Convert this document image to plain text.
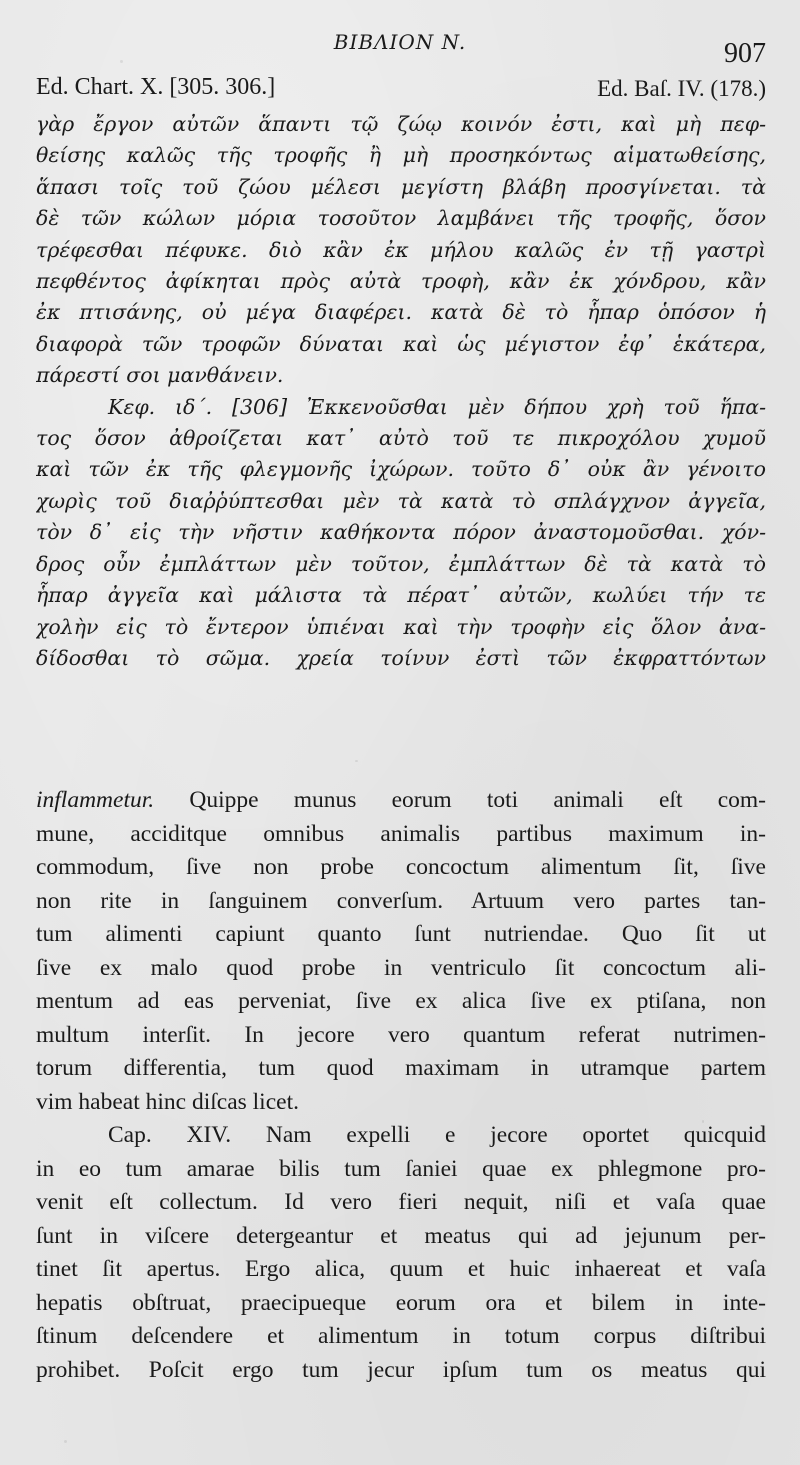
BIBΛIΟΝ N.	907
Ed. Chart. X. [305. 306.]	Ed. Baſ. IV. (178.)
γὰρ ἔργον αὐτῶν ἅπαντι τῷ ζώῳ κοινόν ἐστι, καὶ μὴ πεφ-
θείσης καλῶς τῆς τροφῆς ἢ μὴ προσηκόντως αἱματωθείσης,
ἅπασι τοῖς τοῦ ζώου μέλεσι μεγίστη βλάβη προσγίνεται. τὰ
δὲ τῶν κώλων μόρια τοσοῦτον λαμβάνει τῆς τροφῆς, ὅσον
τρέφεσθαι πέφυκε. διὸ κἂν ἐκ μήλου καλῶς ἐν τῇ γαστρὶ
πεφθέντος ἀφίκηται πρὸς αὐτὰ τροφὴ, κἂν ἐκ χόνδρου, κἂν
ἐκ πτισάνης, οὐ μέγα διαφέρει. κατὰ δὲ τὸ ἧπαρ ὁπόσον ἡ
διαφορὰ τῶν τροφῶν δύναται καὶ ὡς μέγιστον ἐφ᾽ ἑκάτερα,
πάρεστί σοι μανθάνειν.
Κεφ. ιδ΄. [306] Ἐκκενοῦσθαι μὲν δήπου χρὴ τοῦ ἥπα-
τος ὅσον ἀθροίζεται κατ᾽ αὐτὸ τοῦ τε πικροχόλου χυμοῦ
καὶ τῶν ἐκ τῆς φλεγμονῆς ἰχώρων. τοῦτο δ᾽ οὐκ ἂν γένοιτο
χωρὶς τοῦ διαῤῥύπτεσθαι μὲν τὰ κατὰ τὸ σπλάγχνον ἀγγεῖα,
τὸν δ᾽ εἰς τὴν νῆστιν καθήκοντα πόρον ἀναστομοῦσθαι. χόν-
δρος οὖν ἐμπλάττων μὲν τοῦτον, ἐμπλάττων δὲ τὰ κατὰ τὸ
ἧπαρ ἀγγεῖα καὶ μάλιστα τὰ πέρατ᾽ αὐτῶν, κωλύει τήν τε
χολὴν εἰς τὸ ἔντερον ὑπιέναι καὶ τὴν τροφὴν εἰς ὅλον ἀνα-
δίδοσθαι τὸ σῶμα. χρεία τοίνυν ἐστὶ τῶν ἐκφραττόντων
inflammetur. Quippe munus eorum toti animali eſt com-
mune, acciditque omnibus animalis partibus maximum in-
commodum, ſive non probe concoctum alimentum ſit, ſive
non rite in ſanguinem converſum. Artuum vero partes tan-
tum alimenti capiunt quanto ſunt nutriendae. Quo ſit ut
ſive ex malo quod probe in ventriculo ſit concoctum ali-
mentum ad eas perveniat, ſive ex alica ſive ex ptiſana, non
multum interſit. In jecore vero quantum referat nutrimen-
torum differentia, tum quod maximam in utramque partem
vim habeat hinc diſcas licet.
Cap. XIV. Nam expelli e jecore oportet quicquid
in eo tum amarae bilis tum ſaniei quae ex phlegmone pro-
venit eſt collectum. Id vero fieri nequit, niſi et vaſa quae
ſunt in viſcere detergeantur et meatus qui ad jejunum per-
tinet ſit apertus. Ergo alica, quum et huic inhaereat et vaſa
hepatis obſtruat, praecipueque eorum ora et bilem in inte-
ſtinum deſcendere et alimentum in totum corpus diſtribui
prohibet. Poſcit ergo tum jecur ipſum tum os meatus qui
